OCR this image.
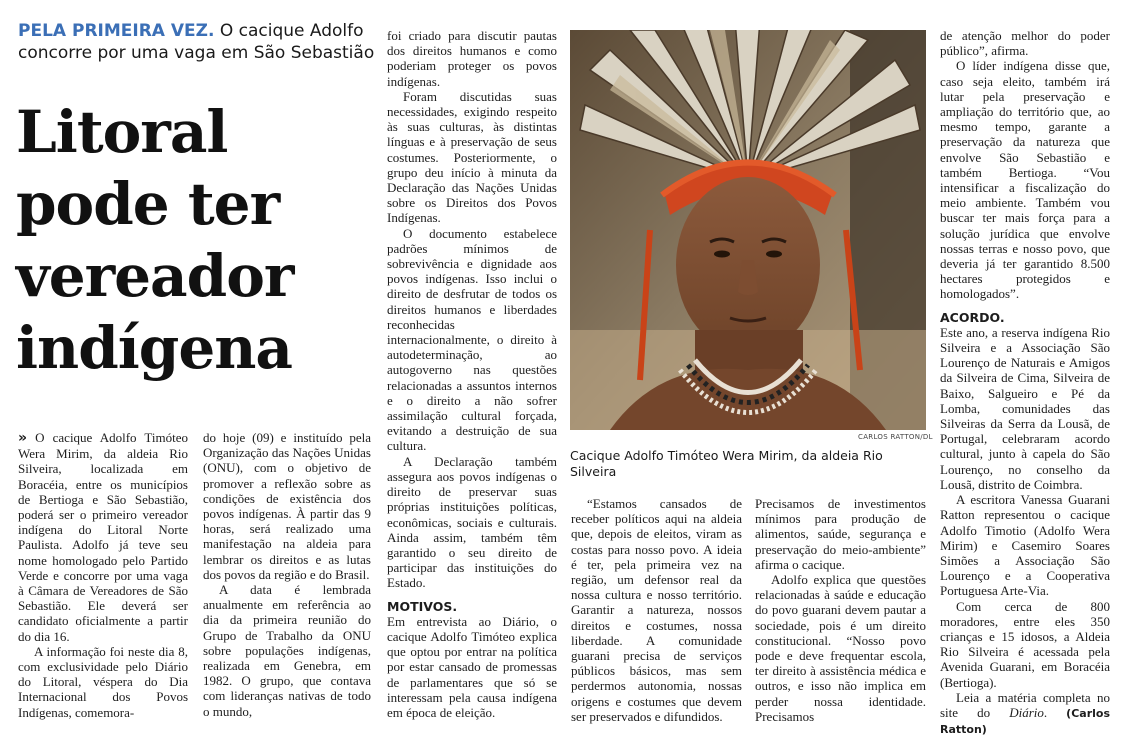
PELA PRIMEIRA VEZ. O cacique Adolfo concorre por uma vaga em São Sebastião
Litoral
pode ter
vereador
indígena

» O cacique Adolfo Timóteo Wera Mirim, da aldeia Rio Silveira, localizada em Boracéia, entre os municípios de Bertioga e São Sebastião, poderá ser o primeiro vereador indígena do Litoral Norte Paulista. Adolfo já teve seu nome homologado pelo Partido Verde e concorre por uma vaga à Câmara de Vereadores de São Sebastião. Ele deverá ser candidato oficialmente a partir do dia 16.

A informação foi neste dia 8, com exclusividade pelo Diário do Litoral, véspera do Dia Internacional dos Povos Indígenas, comemora-

do hoje (09) e instituído pela Organização das Nações Unidas (ONU), com o objetivo de promover a reflexão sobre as condições de existência dos povos indígenas. À partir das 9 horas, será realizado uma manifestação na aldeia para lembrar os direitos e as lutas dos povos da região e do Brasil.

A data é lembrada anualmente em referência ao dia da primeira reunião do Grupo de Trabalho da ONU sobre populações indígenas, realizada em Genebra, em 1982. O grupo, que contava com lideranças nativas de todo o mundo,

foi criado para discutir pautas dos direitos humanos e como poderiam proteger os povos indígenas.

Foram discutidas suas necessidades, exigindo respeito às suas culturas, às distintas línguas e à preservação de seus costumes. Posteriormente, o grupo deu início à minuta da Declaração das Nações Unidas sobre os Direitos dos Povos Indígenas.

O documento estabelece padrões mínimos de sobrevivência e dignidade aos povos indígenas. Isso inclui o direito de desfrutar de todos os direitos humanos e liberdades reconhecidas internacionalmente, o direito à autodeterminação, ao autogoverno nas questões relacionadas a assuntos internos e o direito a não sofrer assimilação cultural forçada, evitando a destruição de sua cultura.

A Declaração também assegura aos povos indígenas o direito de preservar suas próprias instituições políticas, econômicas, sociais e culturais. Ainda assim, também têm garantido o seu direito de participar das instituições do Estado.

MOTIVOS.

Em entrevista ao Diário, o cacique Adolfo Timóteo explica que optou por entrar na política por estar cansado de promessas de parlamentares que só se interessam pela causa indígena em época de eleição.

CARLOS RATTON/DL
Cacique Adolfo Timóteo Wera Mirim, da aldeia Rio Silveira

“Estamos cansados de receber políticos aqui na aldeia que, depois de eleitos, viram as costas para nosso povo. A ideia é ter, pela primeira vez na região, um defensor real da nossa cultura e nosso território. Garantir a natureza, nossos direitos e costumes, nossa liberdade. A comunidade guarani precisa de serviços públicos básicos, mas sem perdermos autonomia, nossas origens e costumes que devem ser preservados e difundidos.

Precisamos de investimentos mínimos para produção de alimentos, saúde, segurança e preservação do meio-ambiente” afirma o cacique.

Adolfo explica que questões relacionadas à saúde e educação do povo guarani devem pautar a sociedade, pois é um direito constitucional. “Nosso povo pode e deve frequentar escola, ter direito à assistência médica e outros, e isso não implica em perder nossa identidade. Precisamos

de atenção melhor do poder público”, afirma.

O líder indígena disse que, caso seja eleito, também irá lutar pela preservação e ampliação do território que, ao mesmo tempo, garante a preservação da natureza que envolve São Sebastião e também Bertioga. “Vou intensificar a fiscalização do meio ambiente. Também vou buscar ter mais força para a solução jurídica que envolve nossas terras e nosso povo, que deveria já ter garantido 8.500 hectares protegidos e homologados”.

ACORDO.

Este ano, a reserva indígena Rio Silveira e a Associação São Lourenço de Naturais e Amigos da Silveira de Cima, Silveira de Baixo, Salgueiro e Pé da Lomba, comunidades das Silveiras da Serra da Lousã, de Portugal, celebraram acordo cultural, junto à capela do São Lourenço, no conselho da Lousã, distrito de Coimbra.

A escritora Vanessa Guarani Ratton representou o cacique Adolfo Timotio (Adolfo Wera Mirim) e Casemiro Soares Simões a Associação São Lourenço e a Cooperativa Portuguesa Arte-Via.

Com cerca de 800 moradores, entre eles 350 crianças e 15 idosos, a Aldeia Rio Silveira é acessada pela Avenida Guarani, em Boracéia (Bertioga).

Leia a matéria completa no site do Diário. (Carlos Ratton)
